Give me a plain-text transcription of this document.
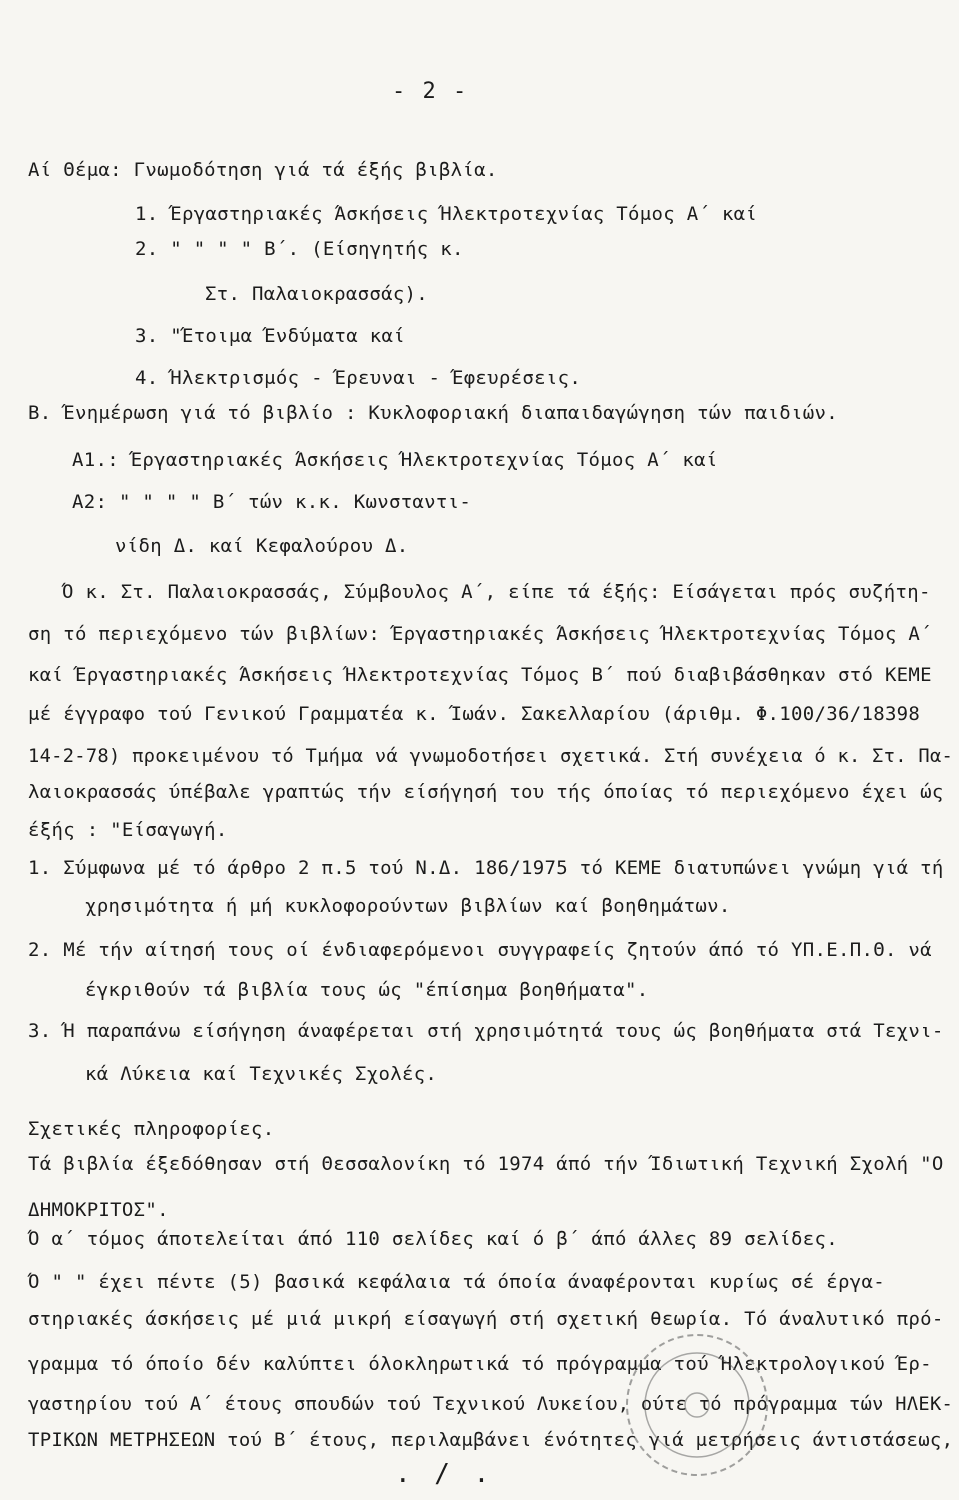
- 2 -
Αί Θέμα: Γνωμοδότηση γιά τά έξής βιβλία.
1. Έργαστηριακές Άσκήσεις Ήλεκτροτεχνίας Τόμος Α΄ καί
2. " " " " Β΄. (Είσηγητής κ.
Στ. Παλαιοκρασσάς).
3. "Έτοιμα Ένδύματα καί
4. Ήλεκτρισμός - Έρευναι - Έφευρέσεις.
Β. Ένημέρωση γιά τό βιβλίο : Κυκλοφοριακή διαπαιδαγώγηση τών παιδιών.
Α1.: Έργαστηριακές Άσκήσεις Ήλεκτροτεχνίας Τόμος Α΄ καί
Α2: " " " " Β΄ τών κ.κ. Κωνσταντι-
νίδη Δ. καί Κεφαλούρου Δ.
Ό κ. Στ. Παλαιοκρασσάς, Σύμβουλος Α΄, είπε τά έξής: Είσάγεται πρός συζήτη-
ση τό περιεχόμενο τών βιβλίων: Έργαστηριακές Άσκήσεις Ήλεκτροτεχνίας Τόμος Α΄
καί Έργαστηριακές Άσκήσεις Ήλεκτροτεχνίας Τόμος Β΄ πού διαβιβάσθηκαν στό ΚΕΜΕ
μέ έγγραφο τού Γενικού Γραμματέα κ. Ίωάν. Σακελλαρίου (άριθμ. Φ.100/36/18398
14-2-78) προκειμένου τό Τμήμα νά γνωμοδοτήσει σχετικά. Στή συνέχεια ό κ. Στ. Πα-
λαιοκρασσάς ύπέβαλε γραπτώς τήν είσήγησή του τής όποίας τό περιεχόμενο έχει ώς
έξής : "Είσαγωγή.
1. Σύμφωνα μέ τό άρθρο 2 π.5 τού Ν.Δ. 186/1975 τό ΚΕΜΕ διατυπώνει γνώμη γιά τή
χρησιμότητα ή μή κυκλοφορούντων βιβλίων καί βοηθημάτων.
2. Μέ τήν αίτησή τους οί ένδιαφερόμενοι συγγραφείς ζητούν άπό τό ΥΠ.Ε.Π.Θ. νά
έγκριθούν τά βιβλία τους ώς "έπίσημα βοηθήματα".
3. Ή παραπάνω είσήγηση άναφέρεται στή χρησιμότητά τους ώς βοηθήματα στά Τεχνι-
κά Λύκεια καί Τεχνικές Σχολές.
Σχετικές πληροφορίες.
Τά βιβλία έξεδόθησαν στή Θεσσαλονίκη τό 1974 άπό τήν Ίδιωτική Τεχνική Σχολή "Ο
ΔΗΜΟΚΡΙΤΟΣ".
Ό α΄ τόμος άποτελείται άπό 110 σελίδες καί ό β΄ άπό άλλες 89 σελίδες.
Ό " " έχει πέντε (5) βασικά κεφάλαια τά όποία άναφέρονται κυρίως σέ έργα-
στηριακές άσκήσεις μέ μιά μικρή είσαγωγή στή σχετική θεωρία. Τό άναλυτικό πρό-
γραμμα τό όποίο δέν καλύπτει όλοκληρωτικά τό πρόγραμμα τού Ήλεκτρολογικού Έρ-
γαστηρίου τού Α΄ έτους σπουδών τού Τεχνικού Λυκείου, ούτε τό πρόγραμμα τών ΗΛΕΚ-
ΤΡΙΚΩΝ ΜΕΤΡΗΣΕΩΝ τού Β΄ έτους, περιλαμβάνει ένότητες γιά μετρήσεις άντιστάσεως,
. / .
